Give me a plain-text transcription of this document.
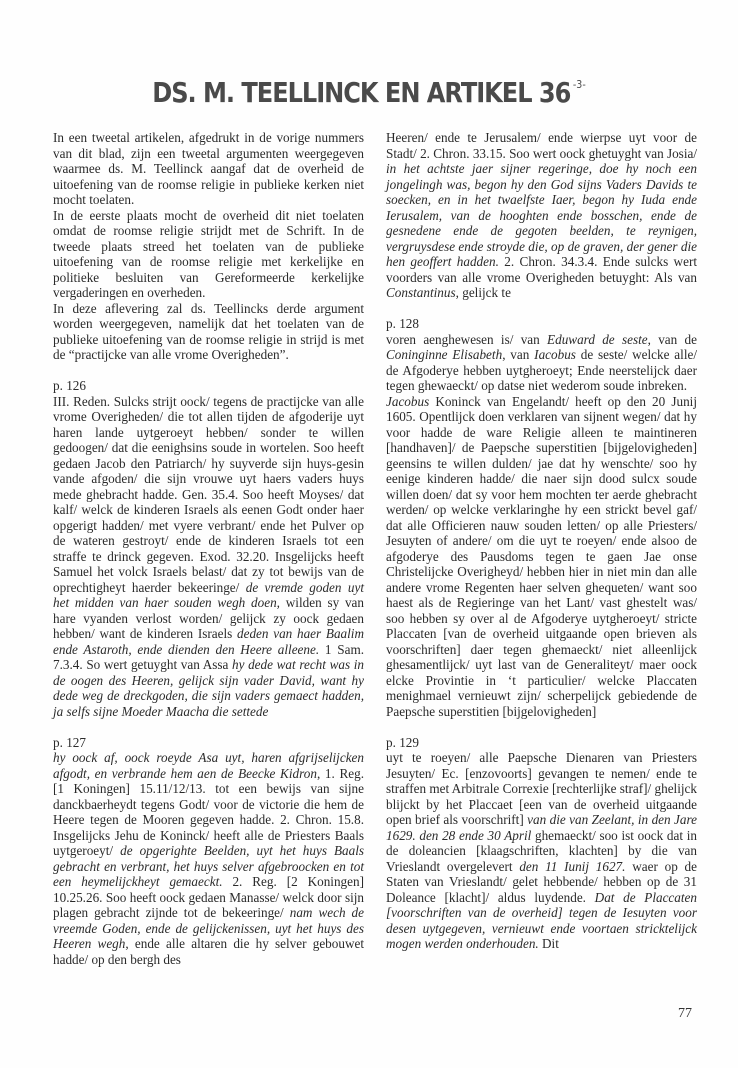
DS. M. TEELLINCK EN ARTIKEL 36 $^{-3-}$

In een tweetal artikelen, afgedrukt in de vorige nummers van dit blad, zijn een tweetal argumenten weergegeven waarmee ds. M. Teellinck aangaf dat de overheid de uitoefening van de roomse religie in publieke kerken niet mocht toelaten.

In de eerste plaats mocht de overheid dit niet toelaten omdat de roomse religie strijdt met de Schrift. In de tweede plaats streed het toelaten van de publieke uitoefening van de roomse religie met kerkelijke en politieke besluiten van Gereformeerde kerkelijke vergaderingen en overheden.

In deze aflevering zal ds. Teellincks derde argument worden weergegeven, namelijk dat het toelaten van de publieke uitoefening van de roomse religie in strijd is met de “practijcke van alle vrome Overigheden”.

p. 126

III. Reden. Sulcks strijt oock/ tegens de practijcke van alle vrome Overigheden/ die tot allen tijden de afgoderije uyt haren lande uytgeroeyt hebben/ sonder te willen gedoogen/ dat die eenighsins soude in wortelen. Soo heeft gedaen Jacob den Patriarch/ hy suyverde sijn huys-gesin vande afgoden/ die sijn vrouwe uyt haers vaders huys mede ghebracht hadde. Gen. 35.4. Soo heeft Moyses/ dat kalf/ welck de kinderen Israels als eenen Godt onder haer opgerigt hadden/ met vyere verbrant/ ende het Pulver op de wateren gestroyt/ ende de kinderen Israels tot een straffe te drinck gegeven. Exod. 32.20. Insgelijcks heeft Samuel het volck Israels belast/ dat zy tot bewijs van de oprechtigheyt haerder bekeeringe/ de vremde goden uyt het midden van haer souden wegh doen, wilden sy van hare vyanden verlost worden/ gelijck zy oock gedaen hebben/ want de kinderen Israels deden van haer Baalim ende Astaroth, ende dienden den Heere alleene. 1 Sam. 7.3.4. So wert getuyght van Assa hy dede wat recht was in de oogen des Heeren, gelijck sijn vader David, want hy dede weg de dreckgoden, die sijn vaders gemaect hadden, ja selfs sijne Moeder Maacha die settede

p. 127

hy oock af, oock roeyde Asa uyt, haren afgrijselijcken afgodt, en verbrande hem aen de Beecke Kidron, 1. Reg. [1 Koningen] 15.11/12/13. tot een bewijs van sijne danckbaerheydt tegens Godt/ voor de victorie die hem de Heere tegen de Mooren gegeven hadde. 2. Chron. 15.8. Insgelijcks Jehu de Koninck/ heeft alle de Priesters Baals uytgeroeyt/ de opgerighte Beelden, uyt het huys Baals gebracht en verbrant, het huys selver afgebroocken en tot een heymelijckheyt gemaeckt. 2. Reg. [2 Koningen] 10.25.26. Soo heeft oock gedaen Manasse/ welck door sijn plagen gebracht zijnde tot de bekeeringe/ nam wech de vreemde Goden, ende de gelijckenissen, uyt het huys des Heeren wegh, ende alle altaren die hy selver gebouwet hadde/ op den bergh des

Heeren/ ende te Jerusalem/ ende wierpse uyt voor de Stadt/ 2. Chron. 33.15. Soo wert oock ghetuyght van Josia/ in het achtste jaer sijner regeringe, doe hy noch een jongelingh was, begon hy den God sijns Vaders Davids te soecken, en in het twaelfste Iaer, begon hy Iuda ende Ierusalem, van de hooghten ende bosschen, ende de gesnedene ende de gegoten beelden, te reynigen, vergruysdese ende stroyde die, op de graven, der gener die hen geoffert hadden. 2. Chron. 34.3.4. Ende sulcks wert voorders van alle vrome Overigheden betuyght: Als van Constantinus, gelijck te

p. 128

voren aenghewesen is/ van Eduward de seste, van de Coninginne Elisabeth, van Iacobus de seste/ welcke alle/ de Afgoderye hebben uytgheroeyt; Ende neerstelijck daer tegen ghewaeckt/ op datse niet wederom soude inbreken.
Jacobus Koninck van Engelandt/ heeft op den 20 Junij 1605. Opentlijck doen verklaren van sijnent wegen/ dat hy voor hadde de ware Religie alleen te maintineren [handhaven]/ de Paepsche superstitien [bijgelovigheden] geensins te willen dulden/ jae dat hy wenschte/ soo hy eenige kinderen hadde/ die naer sijn dood sulcx soude willen doen/ dat sy voor hem mochten ter aerde ghebracht werden/ op welcke verklaringhe hy een strickt bevel gaf/ dat alle Officieren nauw souden letten/ op alle Priesters/ Jesuyten of andere/ om die uyt te roeyen/ ende alsoo de afgoderye des Pausdoms tegen te gaen Jae onse Christelijcke Overigheyd/ hebben hier in niet min dan alle andere vrome Regenten haer selven ghequeten/ want soo haest als de Regieringe van het Lant/ vast ghestelt was/ soo hebben sy over al de Afgoderye uytgheroeyt/ stricte Placcaten [van de overheid uitgaande open brieven als voorschriften] daer tegen ghemaeckt/ niet alleenlijck ghesamentlijck/ uyt last van de Generaliteyt/ maer oock elcke Provintie in ‘t particulier/ welcke Placcaten menighmael vernieuwt zijn/ scherpelijck gebiedende de Paepsche superstitien [bijgelovigheden]

p. 129

uyt te roeyen/ alle Paepsche Dienaren van Priesters Jesuyten/ Ec. [enzovoorts] gevangen te nemen/ ende te straffen met Arbitrale Correxie [rechterlijke straf]/ ghelijck blijckt by het Placcaet [een van de overheid uitgaande open brief als voorschrift] van die van Zeelant, in den Jare 1629. den 28 ende 30 April ghemaeckt/ soo ist oock dat in de doleancien [klaagschriften, klachten] by die van Vrieslandt overgelevert den 11 Iunij 1627. waer op de Staten van Vrieslandt/ gelet hebbende/ hebben op de 31 Doleance [klacht]/ aldus luydende. Dat de Placcaten [voorschriften van de overheid] tegen de Iesuyten voor desen uytgegeven, vernieuwt ende voortaen stricktelijck mogen werden onderhouden. Dit

77
